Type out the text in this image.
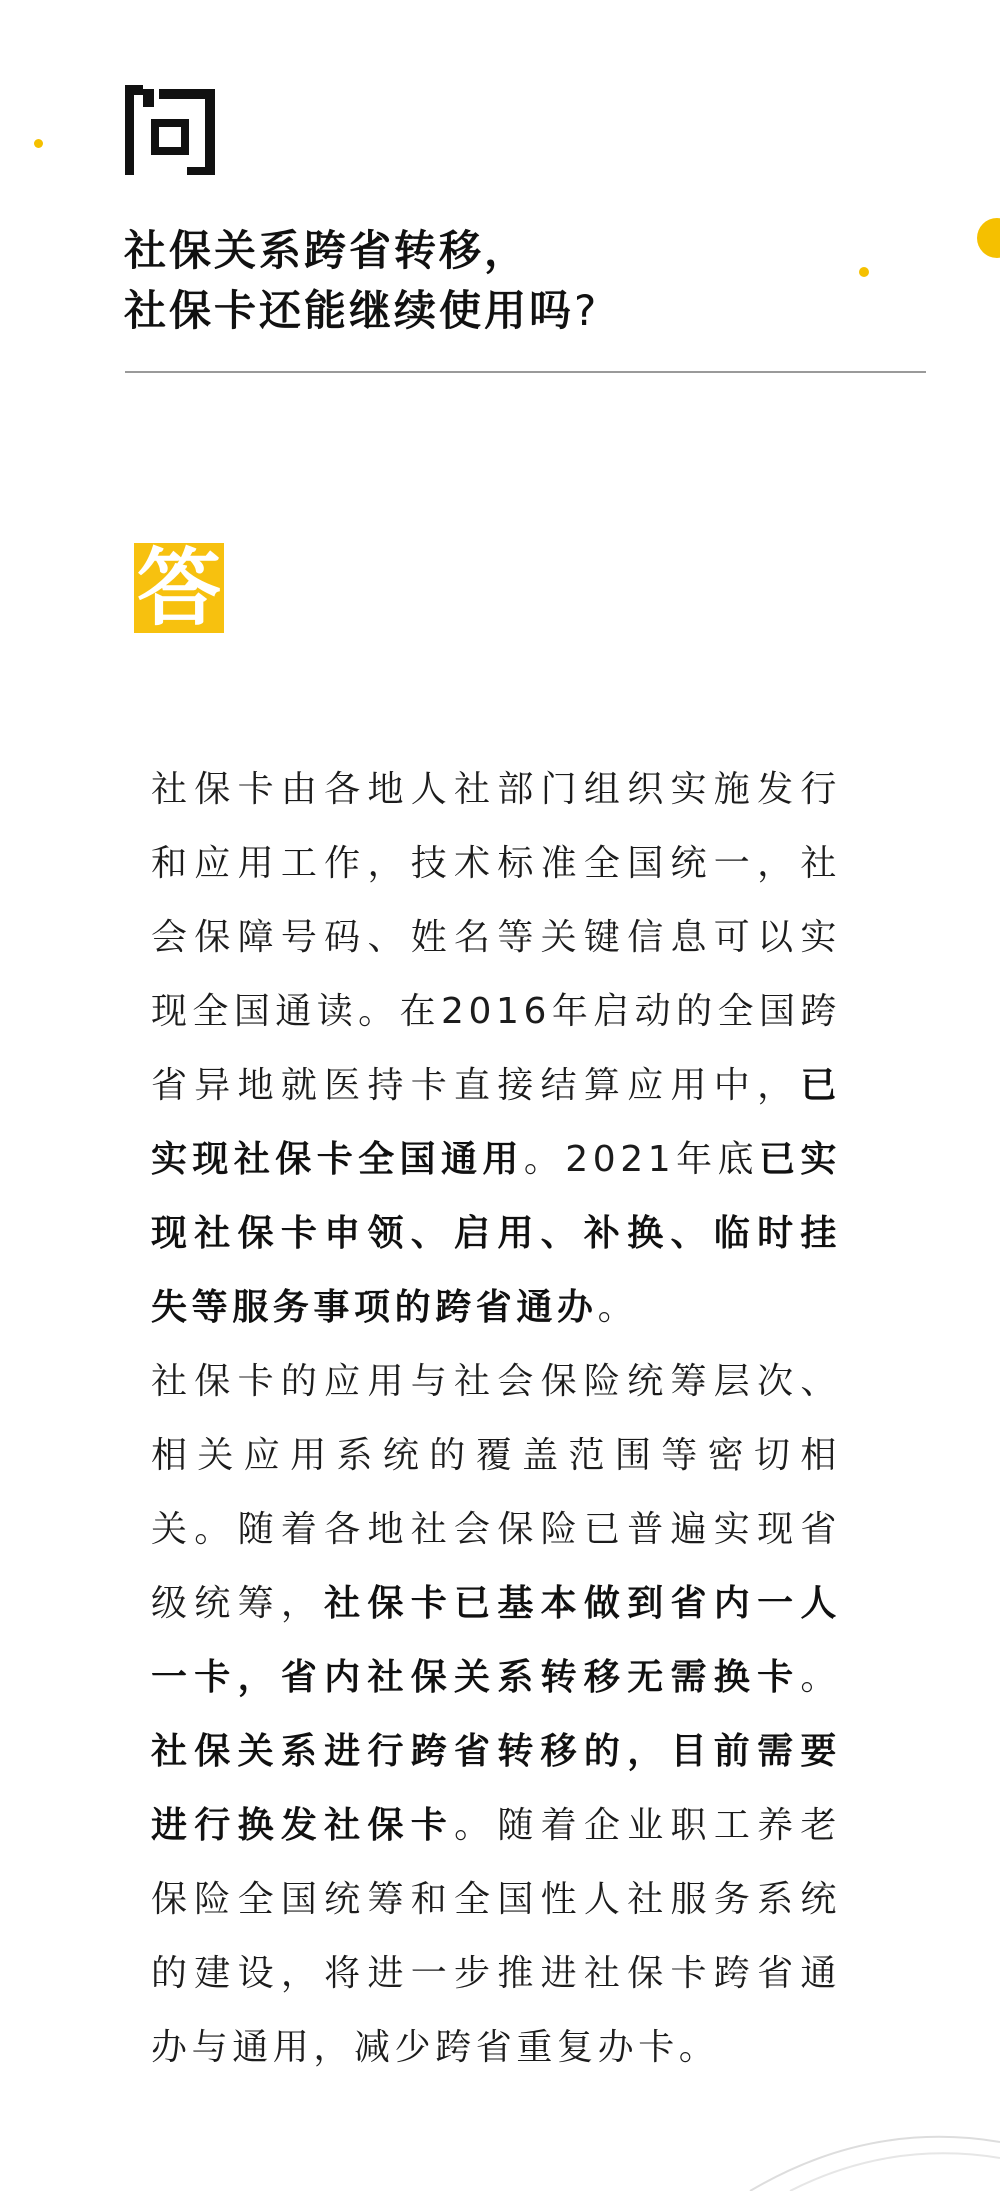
社保关系跨省转移，
社保卡还能继续使用吗?
答

社保卡由各地人社部门组织实施发行和应用工作，技术标准全国统一，社会保障号码、姓名等关键信息可以实现全国通读。在2016年启动的全国跨省异地就医持卡直接结算应用中，已实现社保卡全国通用。2021年底已实现社保卡申领、启用、补换、临时挂失等服务事项的跨省通办。

社保卡的应用与社会保险统筹层次、相关应用系统的覆盖范围等密切相关。随着各地社会保险已普遍实现省级统筹，社保卡已基本做到省内一人一卡，省内社保关系转移无需换卡。社保关系进行跨省转移的，目前需要进行换发社保卡。随着企业职工养老保险全国统筹和全国性人社服务系统的建设，将进一步推进社保卡跨省通办与通用，减少跨省重复办卡。
